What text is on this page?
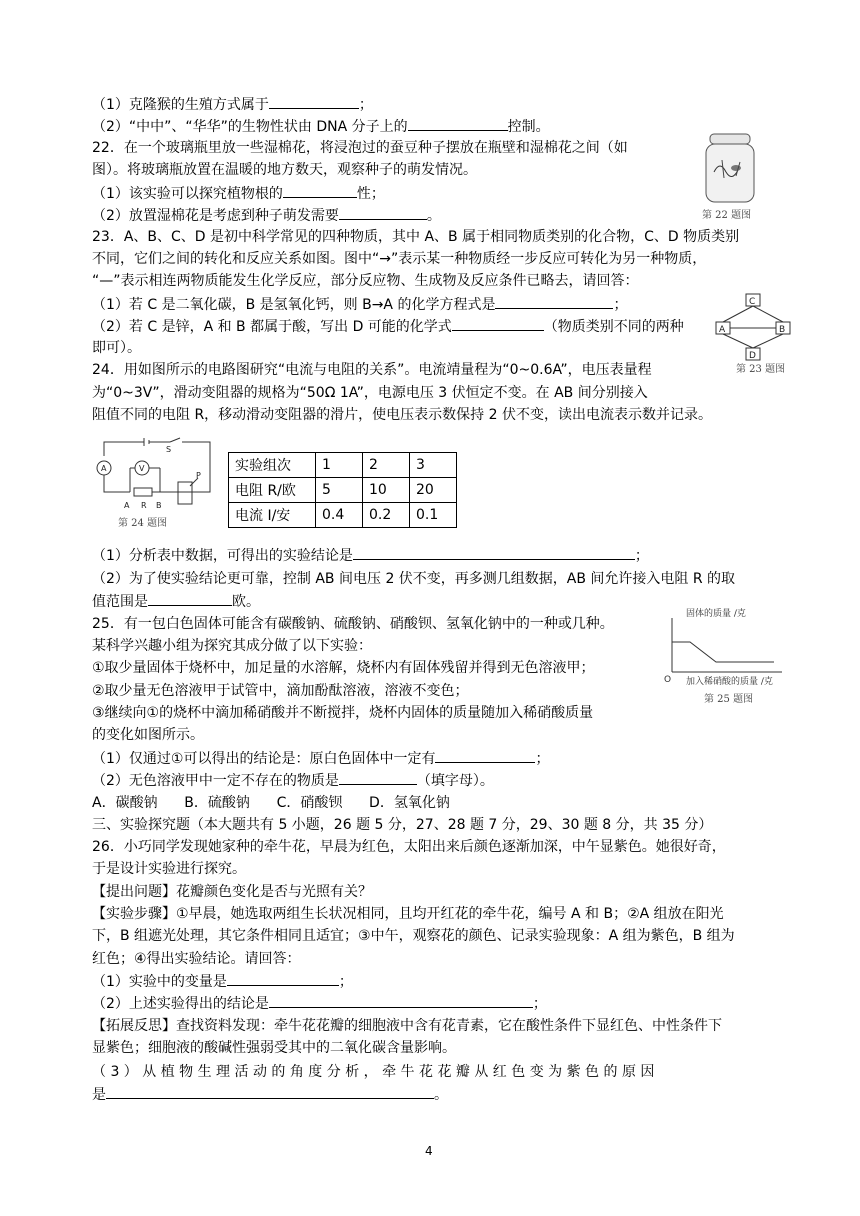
（1）克隆猴的生殖方式属于	；
（2）“中中”、“华华”的生物性状由 DNA 分子上的	控制。
22．在一个玻璃瓶里放一些湿棉花，将浸泡过的蚕豆种子摆放在瓶壁和湿棉花之间（如
图）。将玻璃瓶放置在温暖的地方数天，观察种子的萌发情况。
（1）该实验可以探究植物根的	性；
（2）放置湿棉花是考虑到种子萌发需要	。	第 22 题图
23．A、B、C、D 是初中科学常见的四种物质，其中 A、B 属于相同物质类别的化合物，C、D 物质类别
不同，它们之间的转化和反应关系如图。图中“→”表示某一种物质经一步反应可转化为另一种物质，
“—”表示相连两物质能发生化学反应，部分反应物、生成物及反应条件已略去，请回答：
（1）若 C 是二氧化碳，B 是氢氧化钙，则 B→A 的化学方程式是	；
（2）若 C 是锌，A 和 B 都属于酸，写出 D 可能的化学式	（物质类别不同的两种
即可）。
C
A	B
D
第 23 题图
24．用如图所示的电路图研究“电流与电阻的关系”。电流靖量程为“0~0.6A”，电压表量程
为“0~3V”，滑动变阻器的规格为“50Ω 1A”，电源电压 3 伏恒定不变。在 AB 间分别接入
阻值不同的电阻 R，移动滑动变阻器的滑片，使电压表示数保持 2 伏不变，读出电流表示数并记录。
A	V
S
P
A R B
第 24 题图
实验组次	1	2	3
电阻 R/欧	5	10	20
电流 I/安	0.4	0.2	0.1
（1）分析表中数据，可得出的实验结论是	；
（2）为了使实验结论更可靠，控制 AB 间电压 2 伏不变，再多测几组数据，AB 间允许接入电阻 R 的取
值范围是	欧。
25．有一包白色固体可能含有碳酸钠、硫酸钠、硝酸钡、氢氧化钠中的一种或几种。
某科学兴趣小组为探究其成分做了以下实验：
①取少量固体于烧杯中，加足量的水溶解，烧杯内有固体残留并得到无色溶液甲；
②取少量无色溶液甲于试管中，滴加酚酞溶液，溶液不变色；
③继续向①的烧杯中滴加稀硝酸并不断搅拌，烧杯内固体的质量随加入稀硝酸质量
的变化如图所示。
固体的质量 /克
O 加入稀硝酸的质量 /克
第 25 题图
（1）仅通过①可以得出的结论是：原白色固体中一定有	；
（2）无色溶液甲中一定不存在的物质是	（填字母）。
A．碳酸钠      B．硫酸钠      C．硝酸钡      D．氢氧化钠
三、实验探究题（本大题共有 5 小题，26 题 5 分，27、28 题 7 分，29、30 题 8 分，共 35 分）
26．小巧同学发现她家种的牵牛花，早晨为红色，太阳出来后颜色逐渐加深，中午显紫色。她很好奇，
于是设计实验进行探究。
【提出问题】花瓣颜色变化是否与光照有关？
【实验步骤】①早晨，她选取两组生长状况相同，且均开红花的牵牛花，编号 A 和 B；②A 组放在阳光
下，B 组遮光处理，其它条件相同且适宜；③中午，观察花的颜色、记录实验现象：A 组为紫色，B 组为
红色；④得出实验结论。请回答：
（1）实验中的变量是	；
（2）上述实验得出的结论是	；
【拓展反思】查找资料发现：牵牛花花瓣的细胞液中含有花青素，它在酸性条件下显红色、中性条件下
显紫色；细胞液的酸碱性强弱受其中的二氧化碳含量影响。
（ 3 ） 从 植 物 生 理 活 动 的 角 度 分 析 ， 牵 牛 花 花 瓣 从 红 色 变 为 紫 色 的 原 因
是	。
4
